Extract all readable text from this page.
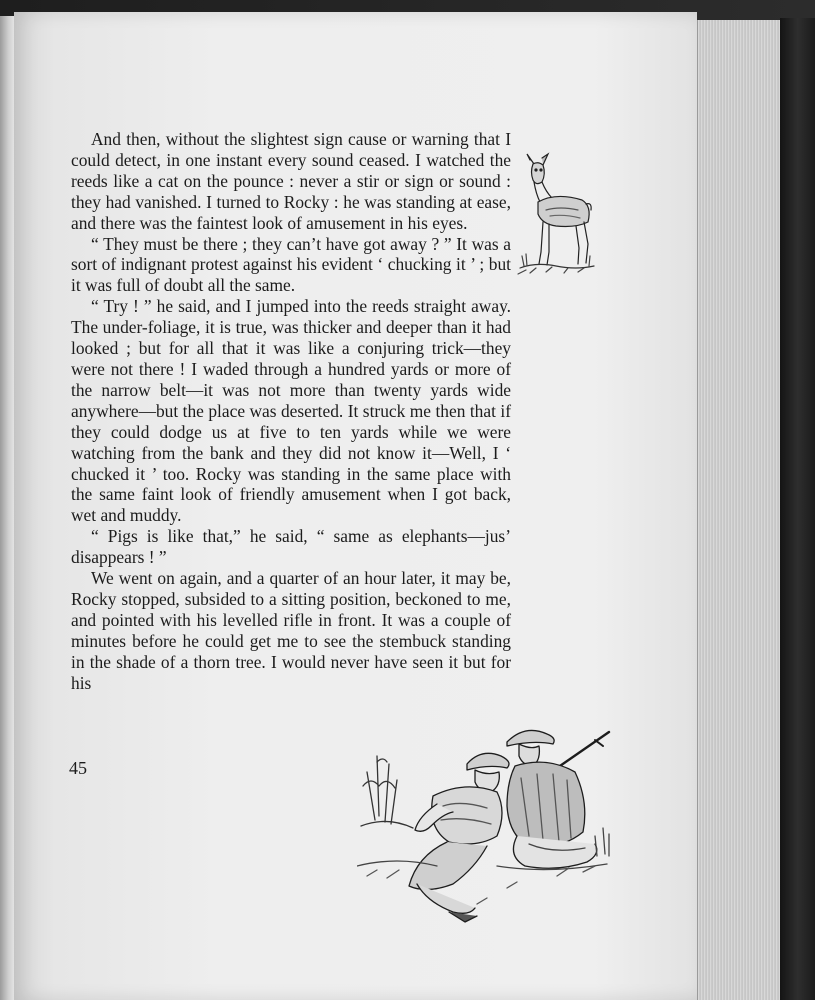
And then, without the slightest sign cause or warning that I could detect, in one instant every sound ceased. I watched the reeds like a cat on the pounce : never a stir or sign or sound : they had vanished. I turned to Rocky : he was standing at ease, and there was the faintest look of amusement in his eyes.

“ They must be there ; they can’t have got away ? ” It was a sort of indignant protest against his evident ‘ chucking it ’ ; but it was full of doubt all the same.

“ Try ! ” he said, and I jumped into the reeds straight away. The under-foliage, it is true, was thicker and deeper than it had looked ; but for all that it was like a conjuring trick—they were not there ! I waded through a hundred yards or more of the narrow belt—it was not more than twenty yards wide anywhere—but the place was deserted. It struck me then that if they could dodge us at five to ten yards while we were watching from the bank and they did not know it—Well, I ‘ chucked it ’ too. Rocky was standing in the same place with the same faint look of friendly amusement when I got back, wet and muddy.

“ Pigs is like that,” he said, “ same as elephants—jus’ disappears ! ”

We went on again, and a quarter of an hour later, it may be, Rocky stopped, subsided to a sitting position, beckoned to me, and pointed with his levelled rifle in front. It was a couple of minutes before he could get me to see the stembuck standing in the shade of a thorn tree. I would never have seen it but for his

45
